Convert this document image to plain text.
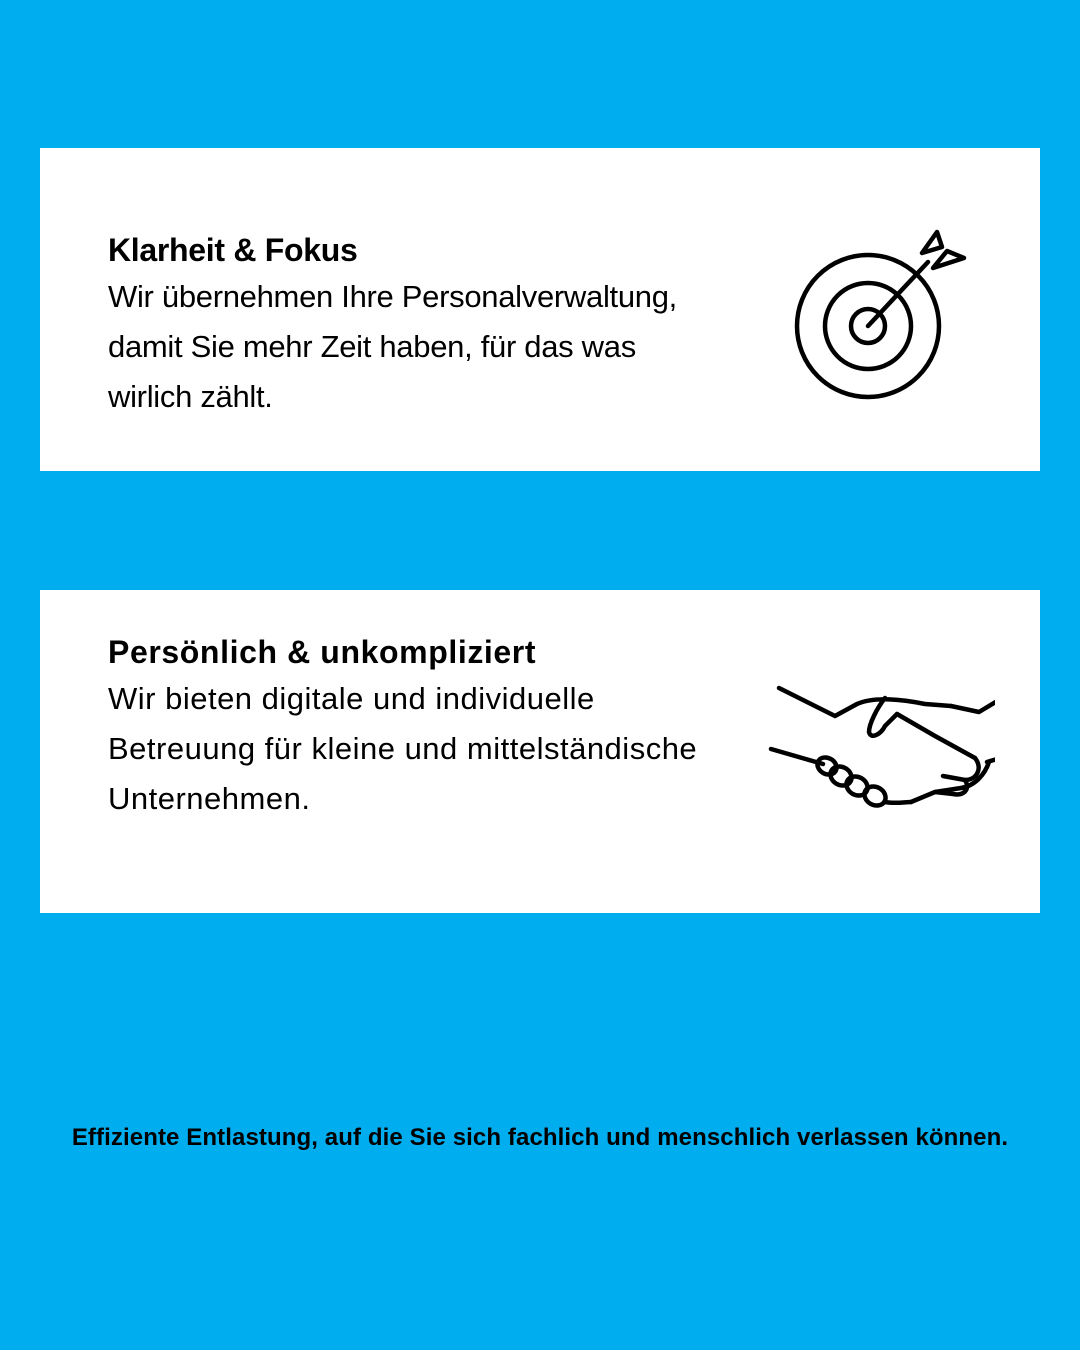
Klarheit & Fokus

Wir übernehmen Ihre Personalverwaltung,

damit Sie mehr Zeit haben, für das was

wirlich zählt.

Persönlich & unkompliziert

Wir bieten digitale und individuelle

Betreuung für kleine und mittelständische

Unternehmen.

Effiziente Entlastung, auf die Sie sich fachlich und menschlich verlassen können.
